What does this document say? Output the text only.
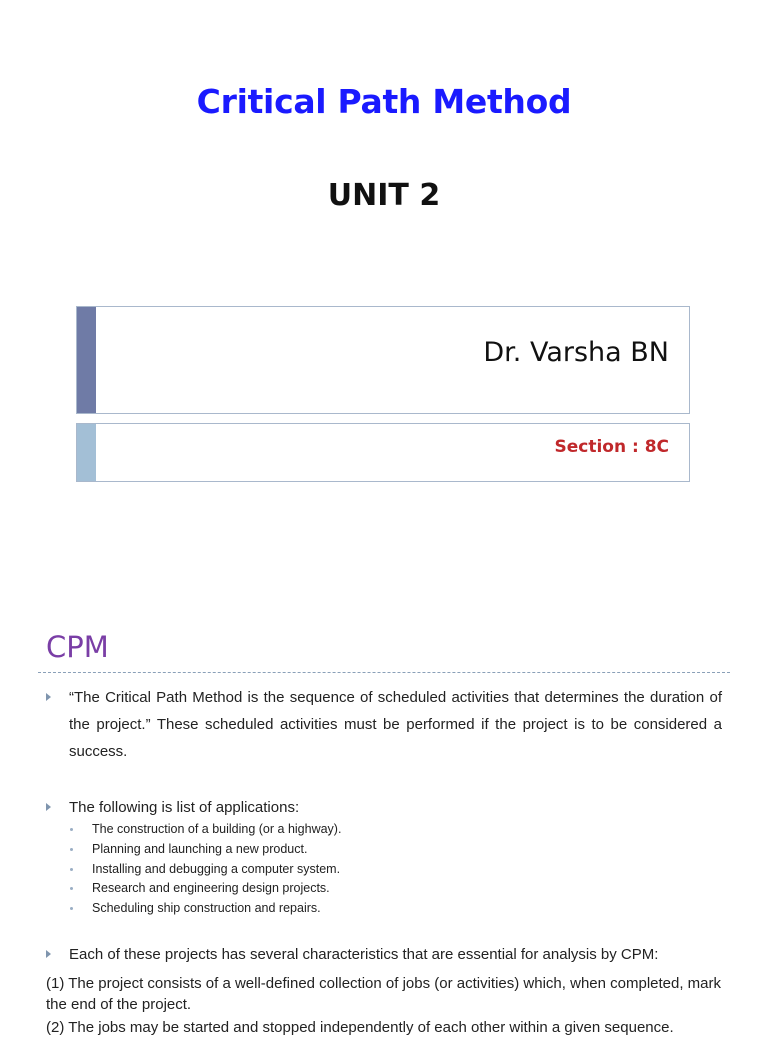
Critical Path Method
UNIT 2
Dr. Varsha BN
Section : 8C
CPM
“The Critical Path Method is the sequence of scheduled activities that determines the duration of the project.” These scheduled activities must be performed if the project is to be considered a success.
The following is list of applications:
The construction of a building (or a highway).
Planning and launching a new product.
Installing and debugging a computer system.
Research and engineering design projects.
Scheduling ship construction and repairs.
Each of these projects has several characteristics that are essential for analysis by CPM:
(1) The project consists of a well-defined collection of jobs (or activities) which, when completed, mark the end of the project.
(2) The jobs may be started and stopped independently of each other within a given sequence.
